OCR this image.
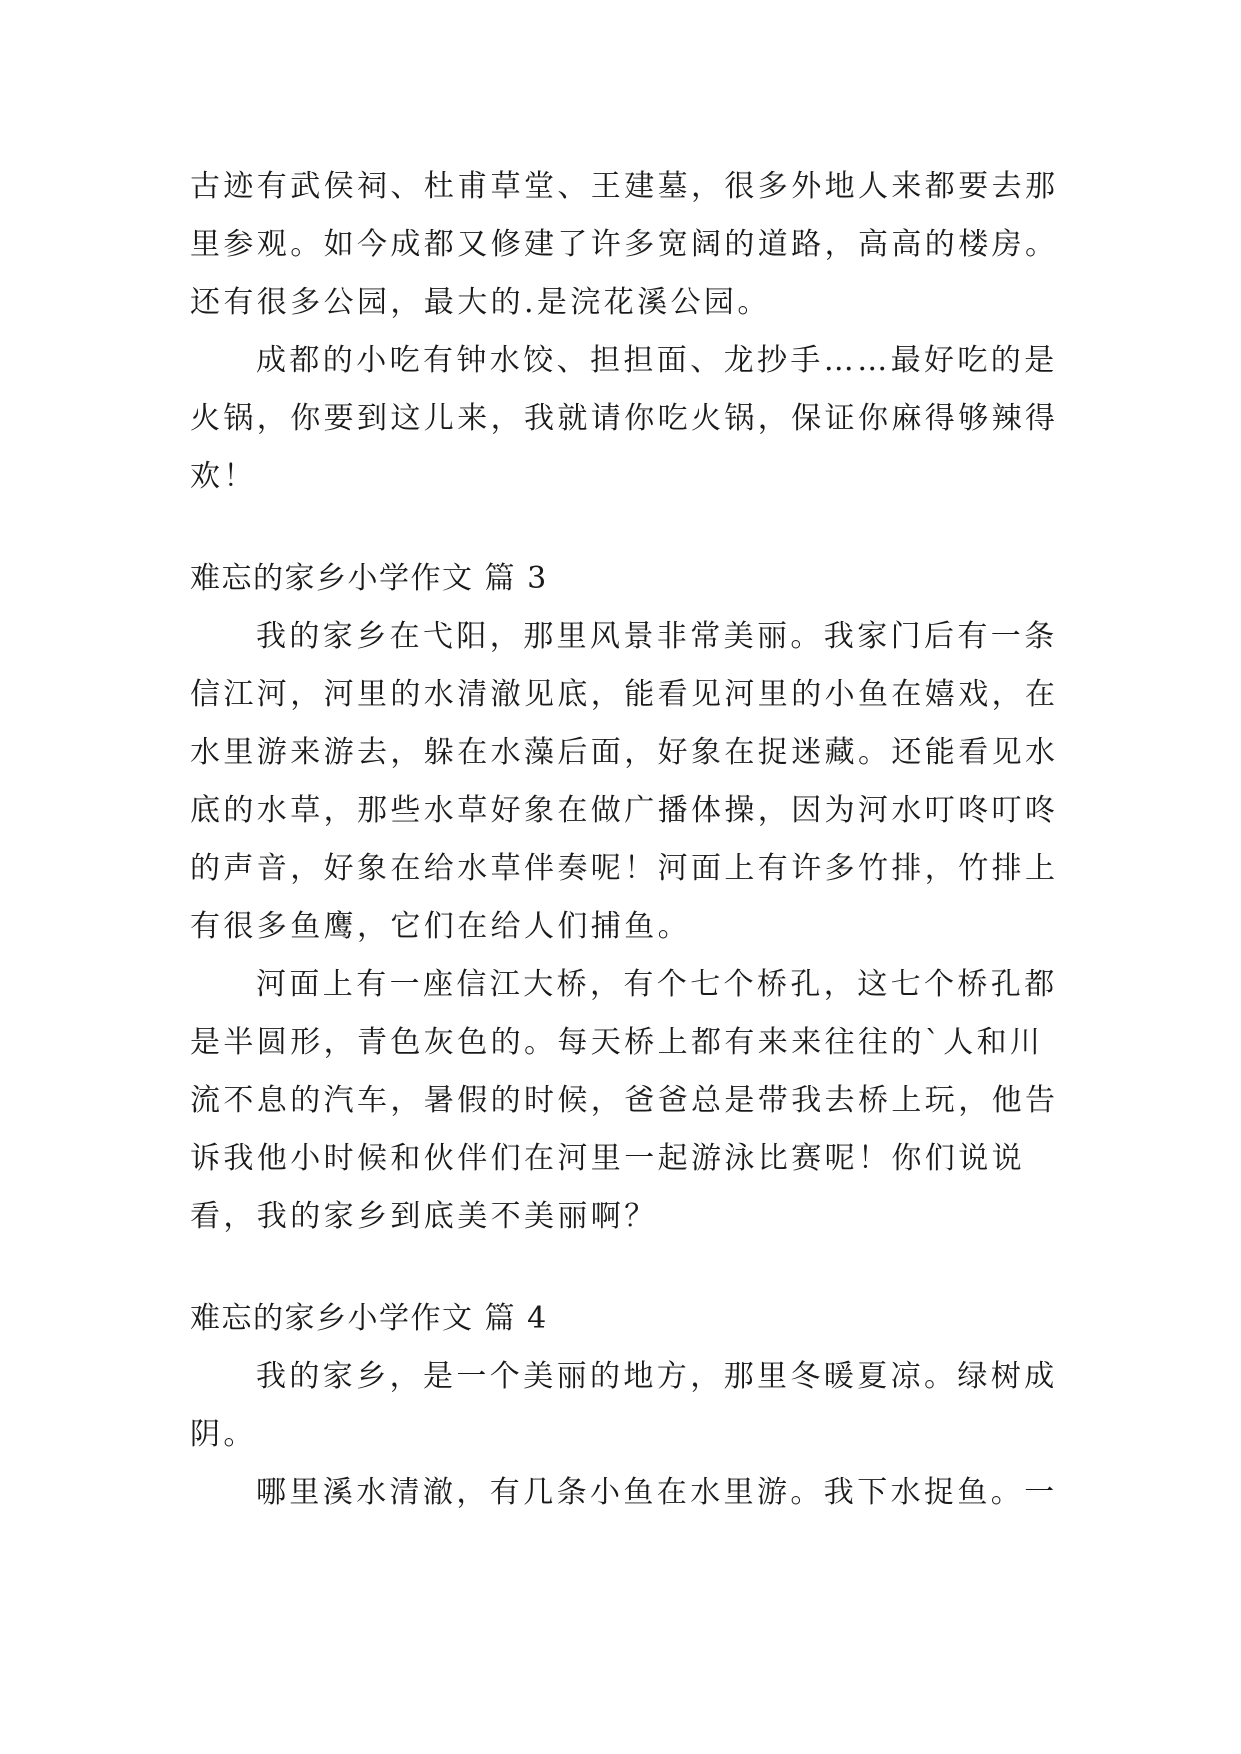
古迹有武侯祠、杜甫草堂、王建墓，很多外地人来都要去那
里参观。如今成都又修建了许多宽阔的道路，高高的楼房。
还有很多公园，最大的.是浣花溪公园。
成都的小吃有钟水饺、担担面、龙抄手……最好吃的是
火锅，你要到这儿来，我就请你吃火锅，保证你麻得够辣得
欢！
难忘的家乡小学作文 篇 3
我的家乡在弋阳，那里风景非常美丽。我家门后有一条
信江河，河里的水清澈见底，能看见河里的小鱼在嬉戏，在
水里游来游去，躲在水藻后面，好象在捉迷藏。还能看见水
底的水草，那些水草好象在做广播体操，因为河水叮咚叮咚
的声音，好象在给水草伴奏呢！河面上有许多竹排，竹排上
有很多鱼鹰，它们在给人们捕鱼。
河面上有一座信江大桥，有个七个桥孔，这七个桥孔都
是半圆形，青色灰色的。每天桥上都有来来往往的`人和川
流不息的汽车，暑假的时候，爸爸总是带我去桥上玩，他告
诉我他小时候和伙伴们在河里一起游泳比赛呢！你们说说
看，我的家乡到底美不美丽啊？
难忘的家乡小学作文 篇 4
我的家乡，是一个美丽的地方，那里冬暖夏凉。绿树成
阴。
哪里溪水清澈，有几条小鱼在水里游。我下水捉鱼。一
